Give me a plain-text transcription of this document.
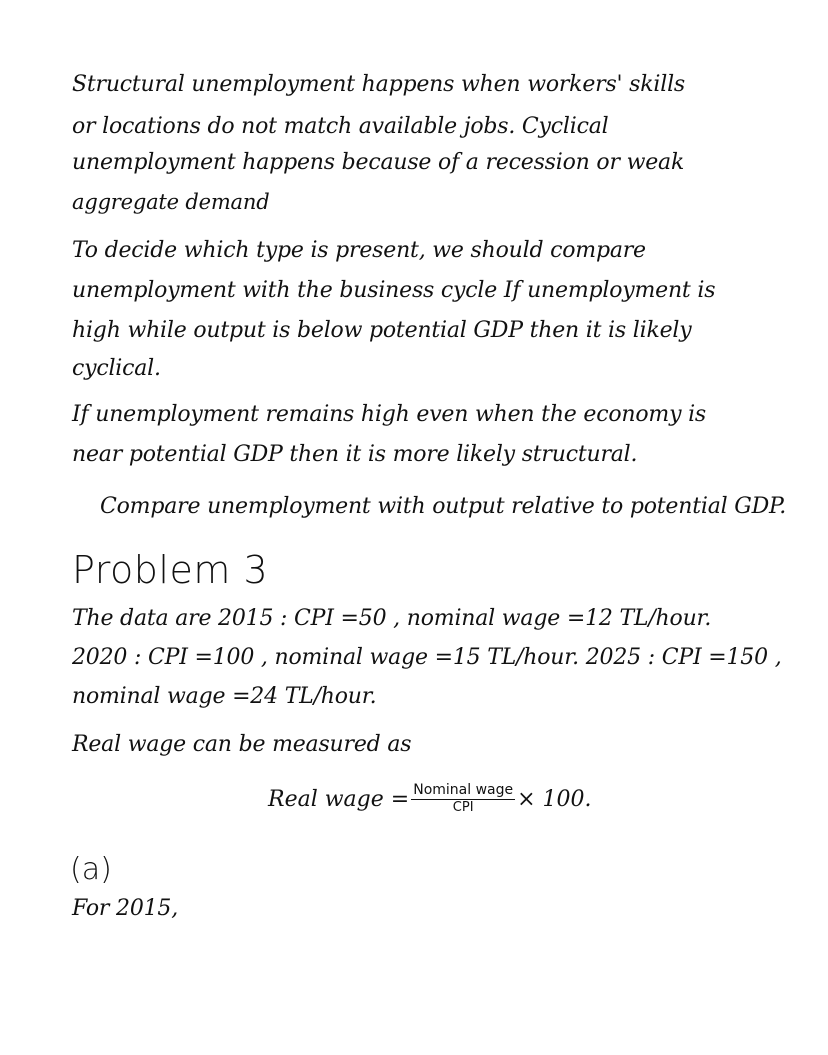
Structural unemployment happens when workers' skills
or locations do not match available jobs. Cyclical
unemployment happens because of a recession or weak
aggregate demand
To decide which type is present, we should compare
unemployment with the business cycle If unemployment is
high while output is below potential GDP then it is likely
cyclical.
If unemployment remains high even when the economy is
near potential GDP then it is more likely structural.
Compare unemployment with output relative to potential GDP.
Problem 3
The data are 2015 : CPI =50 , nominal wage =12 TL/hour.
2020 : CPI =100 , nominal wage =15 TL/hour. 2025 : CPI =150 ,
nominal wage =24 TL/hour.
Real wage can be measured as
Real wage = $\frac{\text{Nominal wage}}{\text{CPI}} \times 100$.
(a)
For 2015,
